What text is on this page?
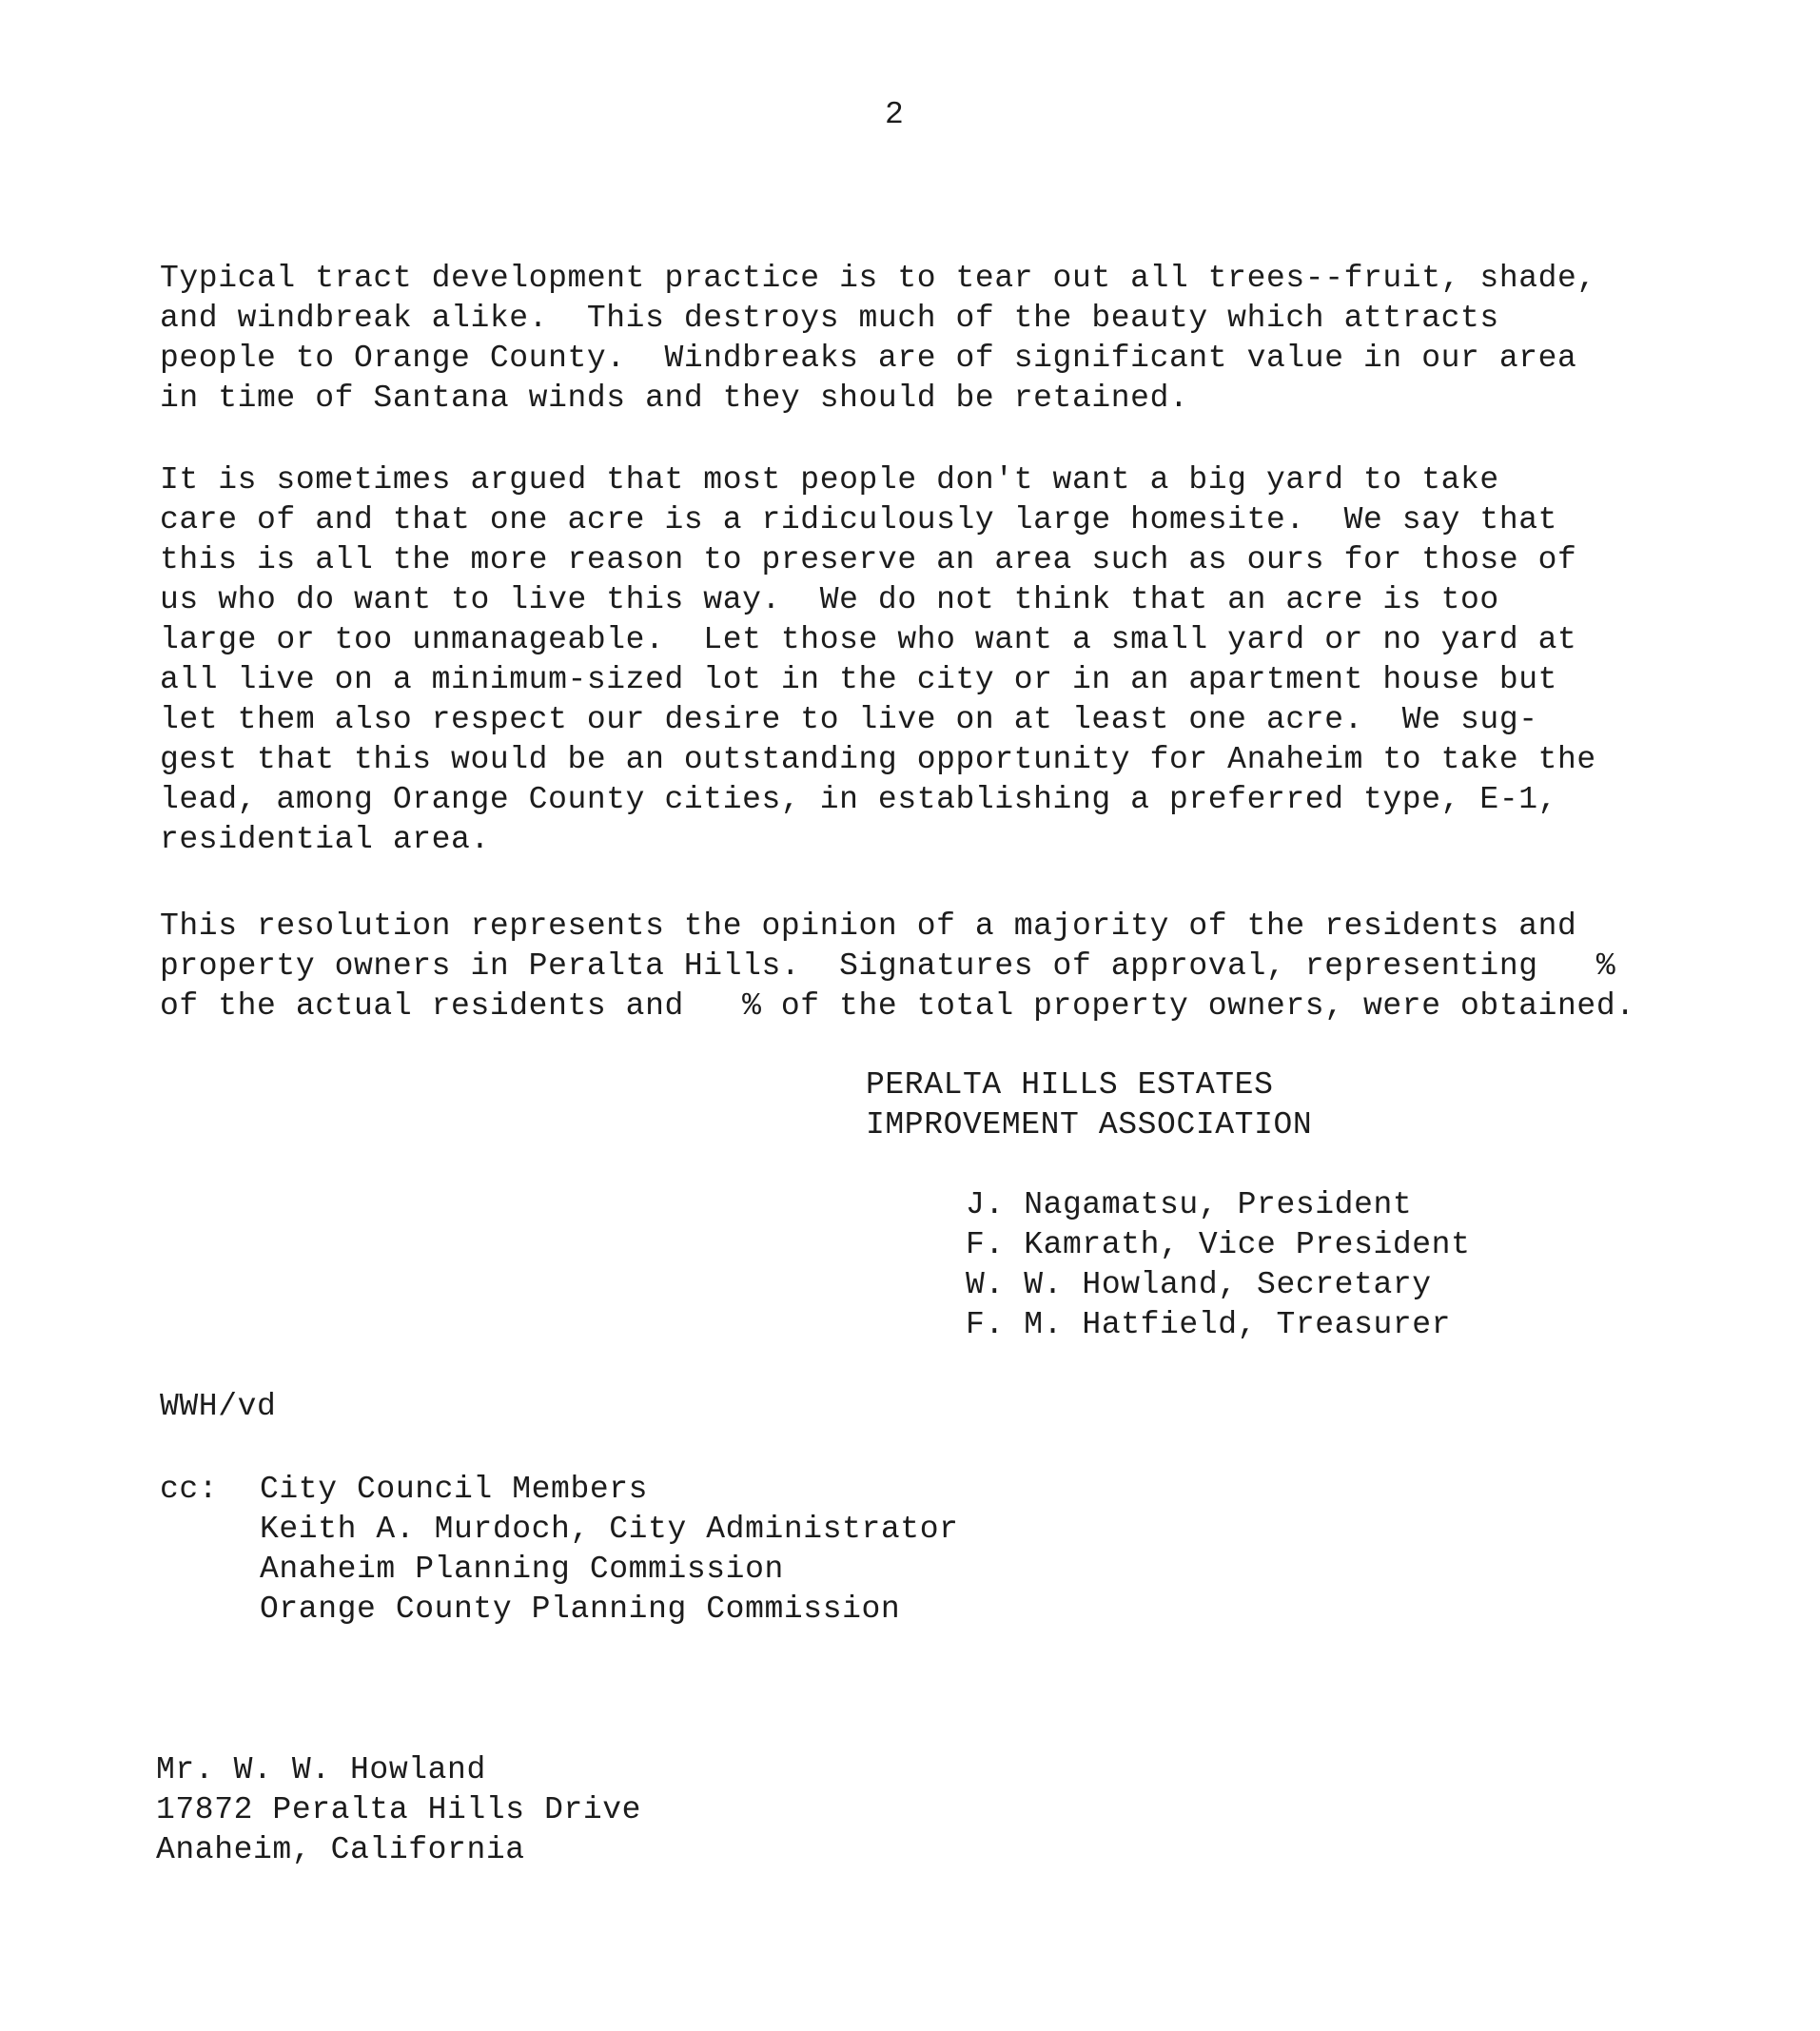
2
Typical tract development practice is to tear out all trees--fruit, shade,
and windbreak alike.  This destroys much of the beauty which attracts
people to Orange County.  Windbreaks are of significant value in our area
in time of Santana winds and they should be retained.
It is sometimes argued that most people don't want a big yard to take
care of and that one acre is a ridiculously large homesite.  We say that
this is all the more reason to preserve an area such as ours for those of
us who do want to live this way.  We do not think that an acre is too
large or too unmanageable.  Let those who want a small yard or no yard at
all live on a minimum-sized lot in the city or in an apartment house but
let them also respect our desire to live on at least one acre.  We sug-
gest that this would be an outstanding opportunity for Anaheim to take the
lead, among Orange County cities, in establishing a preferred type, E-1,
residential area.
This resolution represents the opinion of a majority of the residents and
property owners in Peralta Hills.  Signatures of approval, representing   %
of the actual residents and   % of the total property owners, were obtained.
PERALTA HILLS ESTATES
IMPROVEMENT ASSOCIATION
J. Nagamatsu, President
F. Kamrath, Vice President
W. W. Howland, Secretary
F. M. Hatfield, Treasurer
WWH/vd
cc:	City Council Members
Keith A. Murdoch, City Administrator
Anaheim Planning Commission
Orange County Planning Commission
Mr. W. W. Howland
17872 Peralta Hills Drive
Anaheim, California
